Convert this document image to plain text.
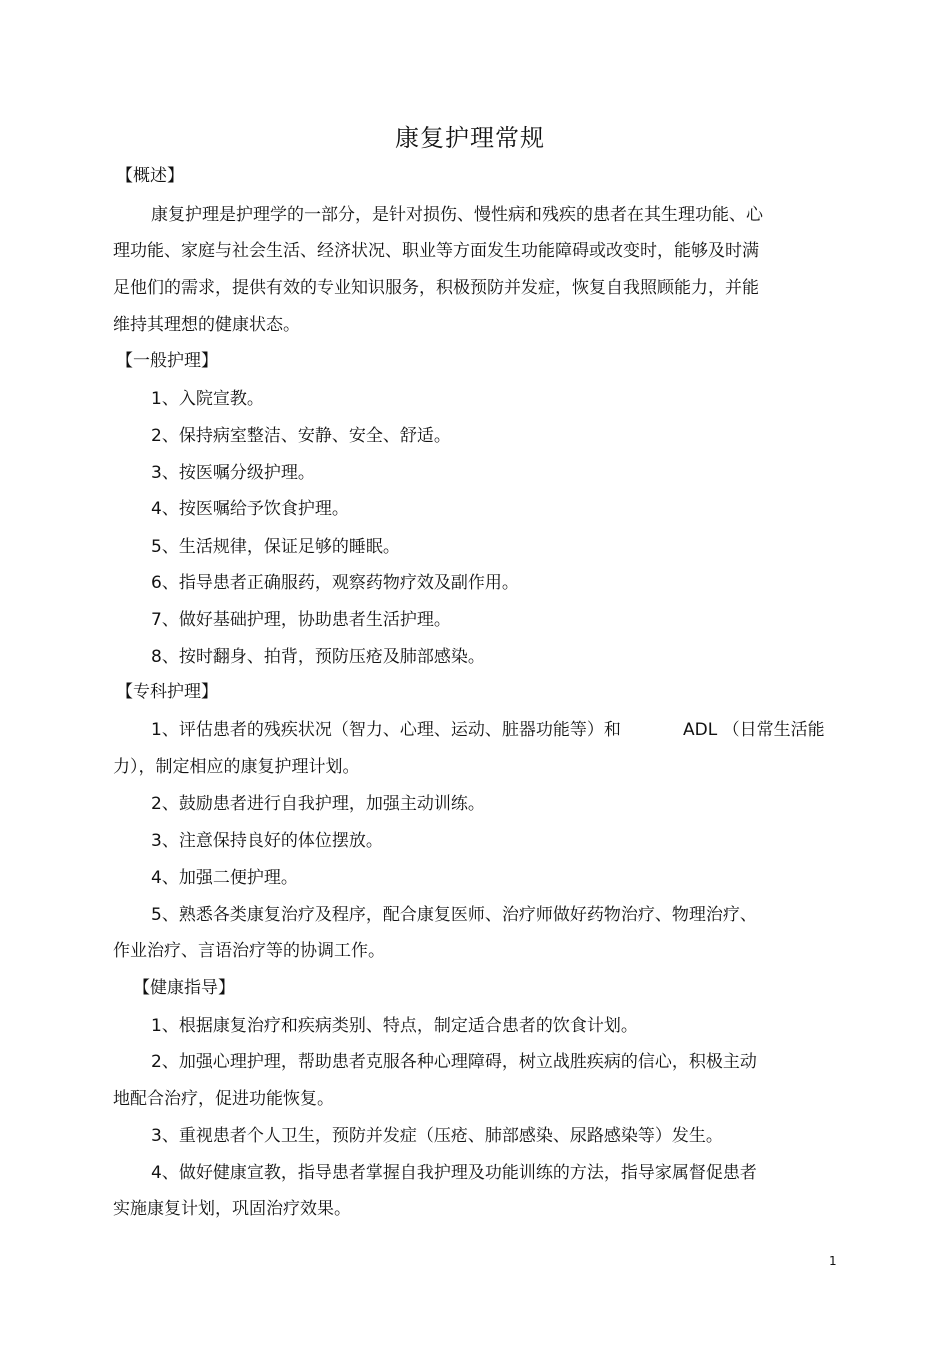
康复护理常规
【概述】
康复护理是护理学的一部分，是针对损伤、慢性病和残疾的患者在其生理功能、心
理功能、家庭与社会生活、经济状况、职业等方面发生功能障碍或改变时，能够及时满
足他们的需求，提供有效的专业知识服务，积极预防并发症，恢复自我照顾能力，并能
维持其理想的健康状态。
【一般护理】
1、入院宣教。
2、保持病室整洁、安静、安全、舒适。
3、按医嘱分级护理。
4、按医嘱给予饮食护理。
5、生活规律，保证足够的睡眠。
6、指导患者正确服药，观察药物疗效及副作用。
7、做好基础护理，协助患者生活护理。
8、按时翻身、拍背，预防压疮及肺部感染。
【专科护理】
1、评估患者的残疾状况（智力、心理、运动、脏器功能等）和	ADL （日常生活能
力），制定相应的康复护理计划。
2、鼓励患者进行自我护理，加强主动训练。
3、注意保持良好的体位摆放。
4、加强二便护理。
5、熟悉各类康复治疗及程序，配合康复医师、治疗师做好药物治疗、物理治疗、
作业治疗、言语治疗等的协调工作。
【健康指导】
1、根据康复治疗和疾病类别、特点，制定适合患者的饮食计划。
2、加强心理护理，帮助患者克服各种心理障碍，树立战胜疾病的信心，积极主动
地配合治疗，促进功能恢复。
3、重视患者个人卫生，预防并发症（压疮、肺部感染、尿路感染等）发生。
4、做好健康宣教，指导患者掌握自我护理及功能训练的方法，指导家属督促患者
实施康复计划，巩固治疗效果。
1
